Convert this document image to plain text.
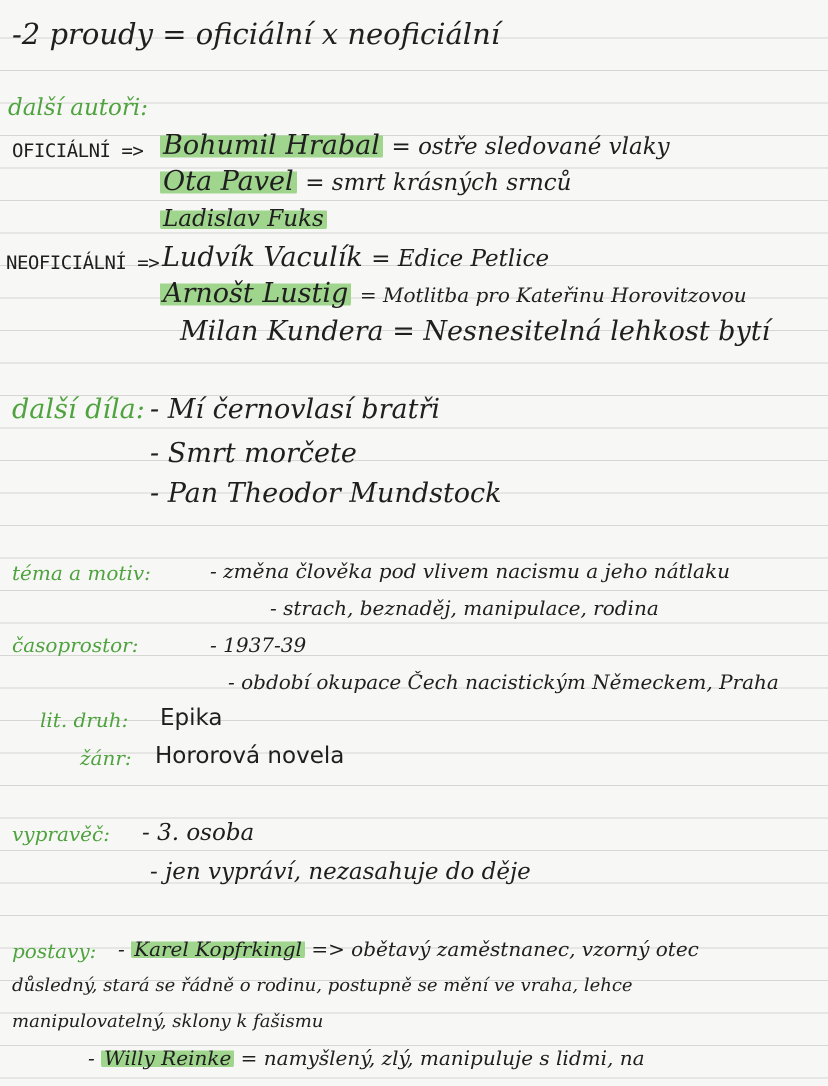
-2 proudy = oficiální x neoficiální
další autoři:
OFICIÁLNÍ => Bohumil Hrabal = ostře sledované vlaky
Ota Pavel = smrt krásných srnců
Ladislav Fuks
NEOFICIÁLNÍ => Ludvík Vaculík = Edice Petlice
Arnošt Lustig = Motlitba pro Kateřinu Horovitzovou
Milan Kundera = Nesnesitelná lehkost bytí
další díla: - Mí černovlasí bratři
- Smrt morčete
- Pan Theodor Mundstock
téma a motiv:	- změna člověka pod vlivem nacismu a jeho nátlaku
- strach, beznaděj, manipulace, rodina
časoprostor:	- 1937-39
- období okupace Čech nacistickým Německem, Praha
lit. druh: Epika
žánr: Hororová novela
vypravěč: - 3. osoba
- jen vypráví, nezasahuje do děje
postavy: - Karel Kopfrkingl => obětavý zaměstnanec, vzorný otec
důsledný, stará se řádně o rodinu, postupně se mění ve vraha, lehce
manipulovatelný, sklony k fašismu
- Willy Reinke = namyšlený, zlý, manipuluje s lidmi, na
